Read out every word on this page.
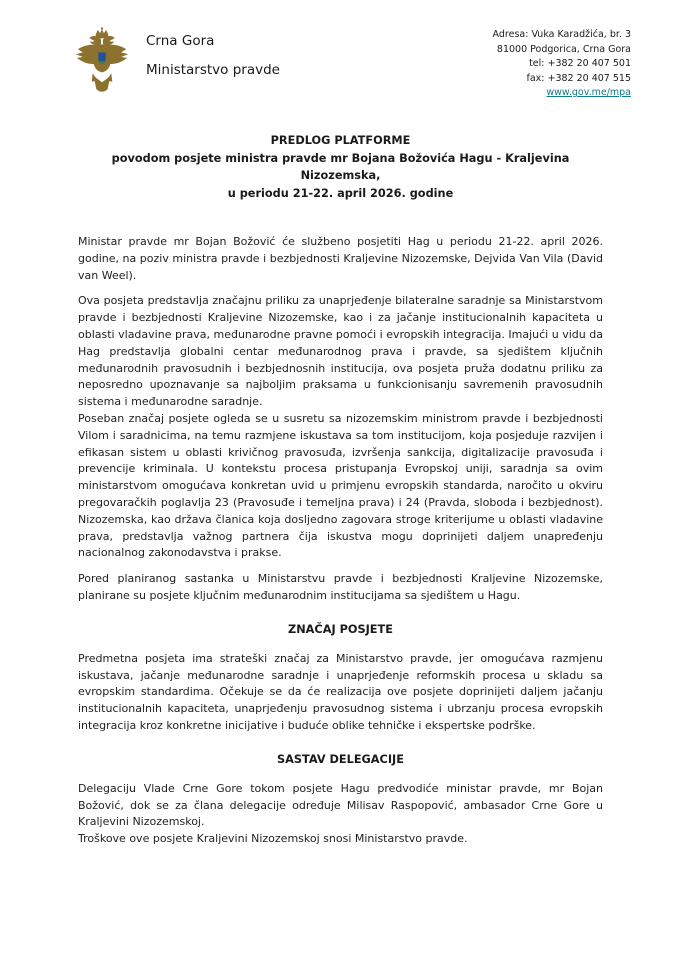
Crna Gora
Ministarstvo pravde
Adresa: Vuka Karadžića, br. 3
81000 Podgorica, Crna Gora
tel: +382 20 407 501
fax: +382 20 407 515
www.gov.me/mpa
PREDLOG PLATFORME
povodom posjete ministra pravde mr Bojana Božovića Hagu - Kraljevina Nizozemska,
u periodu 21-22. april 2026. godine

Ministar pravde mr Bojan Božović će službeno posjetiti Hag u periodu 21-22. april 2026. godine, na poziv ministra pravde i bezbjednosti Kraljevine Nizozemske, Dejvida Van Vila (David van Weel).

Ova posjeta predstavlja značajnu priliku za unaprjeđenje bilateralne saradnje sa Ministarstvom pravde i bezbjednosti Kraljevine Nizozemske, kao i za jačanje institucionalnih kapaciteta u oblasti vladavine prava, međunarodne pravne pomoći i evropskih integracija. Imajući u vidu da Hag predstavlja globalni centar međunarodnog prava i pravde, sa sjedištem ključnih međunarodnih pravosudnih i bezbjednosnih institucija, ova posjeta pruža dodatnu priliku za neposredno upoznavanje sa najboljim praksama u funkcionisanju savremenih pravosudnih sistema i međunarodne saradnje.

Poseban značaj posjete ogleda se u susretu sa nizozemskim ministrom pravde i bezbjednosti Vilom i saradnicima, na temu razmjene iskustava sa tom institucijom, koja posjeduje razvijen i efikasan sistem u oblasti krivičnog pravosuđa, izvršenja sankcija, digitalizacije pravosuđa i prevencije kriminala. U kontekstu procesa pristupanja Evropskoj uniji, saradnja sa ovim ministarstvom omogućava konkretan uvid u primjenu evropskih standarda, naročito u okviru pregovaračkih poglavlja 23 (Pravosuđe i temeljna prava) i 24 (Pravda, sloboda i bezbjednost). Nizozemska, kao država članica koja dosljedno zagovara stroge kriterijume u oblasti vladavine prava, predstavlja važnog partnera čija iskustva mogu doprinijeti daljem unapređenju nacionalnog zakonodavstva i prakse.

Pored planiranog sastanka u Ministarstvu pravde i bezbjednosti Kraljevine Nizozemske, planirane su posjete ključnim međunarodnim institucijama sa sjedištem u Hagu.

ZNAČAJ POSJETE

Predmetna posjeta ima strateški značaj za Ministarstvo pravde, jer omogućava razmjenu iskustava, jačanje međunarodne saradnje i unaprjeđenje reformskih procesa u skladu sa evropskim standardima. Očekuje se da će realizacija ove posjete doprinijeti daljem jačanju institucionalnih kapaciteta, unaprjeđenju pravosudnog sistema i ubrzanju procesa evropskih integracija kroz konkretne inicijative i buduće oblike tehničke i ekspertske podrške.

SASTAV DELEGACIJE

Delegaciju Vlade Crne Gore tokom posjete Hagu predvodiće ministar pravde, mr Bojan Božović, dok se za člana delegacije određuje Milisav Raspopović, ambasador Crne Gore u Kraljevini Nizozemskoj.

Troškove ove posjete Kraljevini Nizozemskoj snosi Ministarstvo pravde.
